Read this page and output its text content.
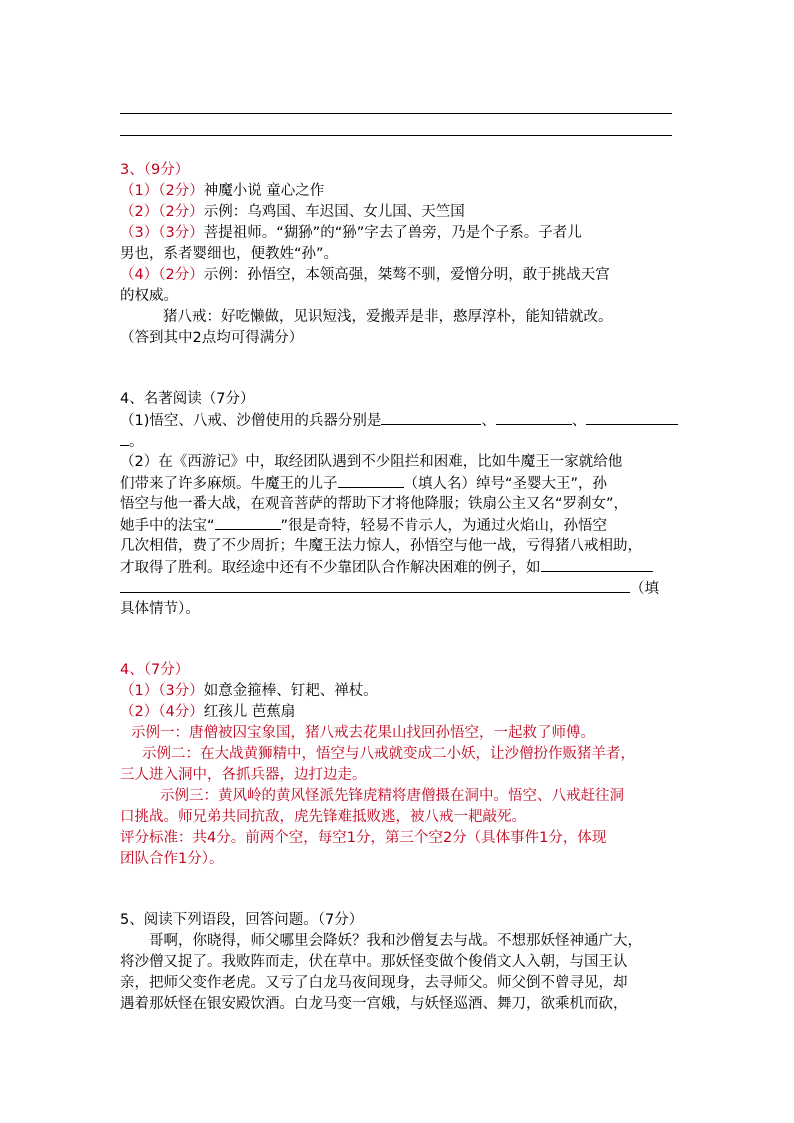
3、（9分）
（1）（2分）神魔小说 童心之作
（2）（2分）示例：乌鸡国、车迟国、女儿国、天竺国
（3）（3分）菩提祖师。“猢狲”的“狲”字去了兽旁，乃是个子系。子者儿
男也，系者婴细也，便教姓“孙”。
（4）（2分）示例：孙悟空，本领高强，桀骜不驯，爱憎分明，敢于挑战天宫
的权威。
猪八戒：好吃懒做，见识短浅，爱搬弄是非，憨厚淳朴，能知错就改。
（答到其中2点均可得满分）
4、名著阅读（7分）
（1)悟空、八戒、沙僧使用的兵器分别是	、	、
。
（2）在《西游记》中，取经团队遇到不少阻拦和困难，比如牛魔王一家就给他
们带来了许多麻烦。牛魔王的儿子	（填人名）绰号“圣婴大王”，孙
悟空与他一番大战，在观音菩萨的帮助下才将他降服；铁扇公主又名“罗刹女”，
她手中的法宝“	”很是奇特，轻易不肯示人，为通过火焰山，孙悟空
几次相借，费了不少周折；牛魔王法力惊人，孙悟空与他一战，亏得猪八戒相助，
才取得了胜利。取经途中还有不少靠团队合作解决困难的例子，如
（填
具体情节）。
4、（7分）
（1）（3分）如意金箍棒、钉耙、禅杖。
（2）（4分）红孩儿 芭蕉扇
示例一：唐僧被囚宝象国，猪八戒去花果山找回孙悟空，一起救了师傅。
示例二：在大战黄狮精中，悟空与八戒就变成二小妖，让沙僧扮作贩猪羊者，
三人进入洞中，各抓兵器，边打边走。
示例三：黄风岭的黄风怪派先锋虎精将唐僧摄在洞中。悟空、八戒赶往洞
口挑战。师兄弟共同抗敌，虎先锋难抵败逃，被八戒一耙敲死。
评分标准：共4分。前两个空，每空1分，第三个空2分（具体事件1分，体现
团队合作1分）。
5、阅读下列语段，回答问题。（7分）
哥啊，你晓得，师父哪里会降妖？我和沙僧复去与战。不想那妖怪神通广大，
将沙僧又捉了。我败阵而走，伏在草中。那妖怪变做个俊俏文人入朝，与国王认
亲，把师父变作老虎。又亏了白龙马夜间现身，去寻师父。师父倒不曾寻见，却
遇着那妖怪在银安殿饮酒。白龙马变一宫娥，与妖怪巡酒、舞刀，欲乘机而砍，
